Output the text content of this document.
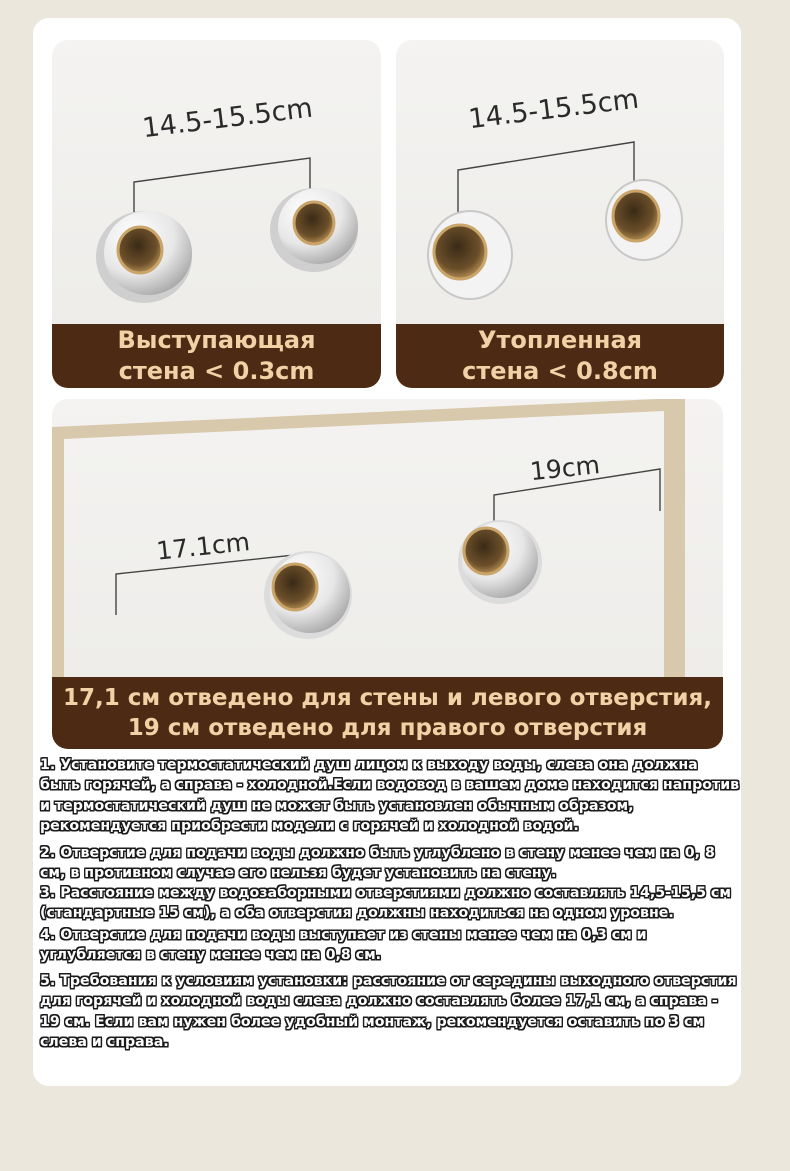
14.5-15.5cm
Выступающая
стена < 0.3cm
14.5-15.5cm
Утопленная
стена < 0.8cm
17.1cm
19cm
17,1 см отведено для стены и левого отверстия,
19 см отведено для правого отверстия
1. Установите термостатический душ лицом к выходу воды, слева она должна быть горячей, а справа - холодной.Если водовод в вашем доме находится напротив и термостатический душ не может быть установлен обычным образом, рекомендуется приобрести модели с горячей и холодной водой.
2. Отверстие для подачи воды должно быть углублено в стену менее чем на 0, 8 см, в противном случае его нельзя будет установить на стену.
3. Расстояние между водозаборными отверстиями должно составлять 14,5-15,5 см (стандартные 15 см), а оба отверстия должны находиться на одном уровне.
4. Отверстие для подачи воды выступает из стены менее чем на 0,3 см и углубляется в стену менее чем на 0,8 см.
5. Требования к условиям установки: расстояние от середины выходного отверстия для горячей и холодной воды слева должно составлять более 17,1 см, а справа - 19 см. Если вам нужен более удобный монтаж, рекомендуется оставить по 3 см слева и справа.
